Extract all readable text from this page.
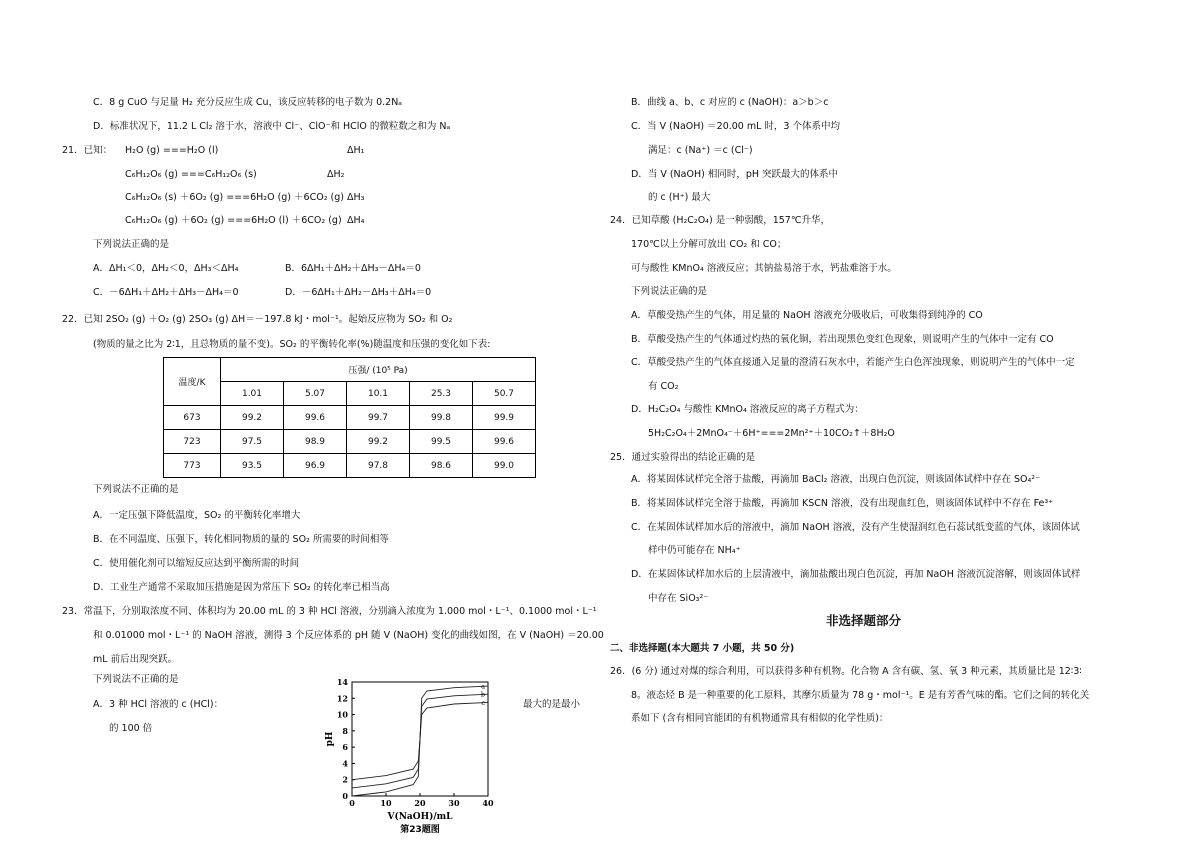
C．8 g CuO 与足量 H₂ 充分反应生成 Cu，该反应转移的电子数为 0.2Nₐ
D．标准状况下，11.2 L Cl₂ 溶于水，溶液中 Cl⁻、ClO⁻和 HClO 的微粒数之和为 Nₐ
21．已知： H₂O (g) ===H₂O (l)	ΔH₁
C₆H₁₂O₆ (g) ===C₆H₁₂O₆ (s)	ΔH₂
C₆H₁₂O₆ (s) ＋6O₂ (g) ===6H₂O (g) ＋6CO₂ (g) ΔH₃
C₆H₁₂O₆ (g) ＋6O₂ (g) ===6H₂O (l) ＋6CO₂ (g) ΔH₄
下列说法正确的是
A．ΔH₁＜0，ΔH₂＜0，ΔH₃＜ΔH₄	B．6ΔH₁＋ΔH₂＋ΔH₃－ΔH₄＝0
C．－6ΔH₁＋ΔH₂＋ΔH₃－ΔH₄＝0	D．－6ΔH₁＋ΔH₂－ΔH₃＋ΔH₄＝0
22．已知 2SO₂ (g) ＋O₂ (g) 2SO₃ (g) ΔH＝－197.8 kJ・mol⁻¹。起始反应物为 SO₂ 和 O₂
(物质的量之比为 2∶1，且总物质的量不变)。SO₂ 的平衡转化率(%)随温度和压强的变化如下表:
温度/K	压强/ (10⁵ Pa)				
	1.01	5.07	10.1	25.3	50.7
673	99.2	99.6	99.7	99.8	99.9
723	97.5	98.9	99.2	99.5	99.6
773	93.5	96.9	97.8	98.6	99.0
下列说法不正确的是
A．一定压强下降低温度，SO₂ 的平衡转化率增大
B．在不同温度、压强下，转化相同物质的量的 SO₂ 所需要的时间相等
C．使用催化剂可以缩短反应达到平衡所需的时间
D．工业生产通常不采取加压措施是因为常压下 SO₂ 的转化率已相当高
23．常温下，分别取浓度不同、体积均为 20.00 mL 的 3 种 HCl 溶液，分别滴入浓度为 1.000 mol・L⁻¹、0.1000 mol・L⁻¹
和 0.01000 mol・L⁻¹ 的 NaOH 溶液，测得 3 个反应体系的 pH 随 V (NaOH) 变化的曲线如图，在 V (NaOH) ＝20.00
mL 前后出现突跃。
下列说法不正确的是
A．3 种 HCl 溶液的 c (HCl)：	最大的是最小
的 100 倍
0	10	20	30	40
0
2
4
6
8
10
12
14
V(NaOH)/mL
pH
第23题图
a
b
c
B．曲线 a、b、c 对应的 c (NaOH)：a＞b＞c
C．当 V (NaOH) ＝20.00 mL 时，3 个体系中均
满足：c (Na⁺) ＝c (Cl⁻)
D．当 V (NaOH) 相同时，pH 突跃最大的体系中
的 c (H⁺) 最大
24．已知草酸 (H₂C₂O₄) 是一种弱酸，157℃升华，
170℃以上分解可放出 CO₂ 和 CO；
可与酸性 KMnO₄ 溶液反应；其钠盐易溶于水，钙盐难溶于水。
下列说法正确的是
A．草酸受热产生的气体，用足量的 NaOH 溶液充分吸收后，可收集得到纯净的 CO
B．草酸受热产生的气体通过灼热的氧化铜，若出现黑色变红色现象，则说明产生的气体中一定有 CO
C．草酸受热产生的气体直接通入足量的澄清石灰水中，若能产生白色浑浊现象，则说明产生的气体中一定
有 CO₂
D．H₂C₂O₄ 与酸性 KMnO₄ 溶液反应的离子方程式为：
5H₂C₂O₄＋2MnO₄⁻＋6H⁺===2Mn²⁺＋10CO₂↑＋8H₂O
25．通过实验得出的结论正确的是
A．将某固体试样完全溶于盐酸，再滴加 BaCl₂ 溶液，出现白色沉淀，则该固体试样中存在 SO₄²⁻
B．将某固体试样完全溶于盐酸，再滴加 KSCN 溶液，没有出现血红色，则该固体试样中不存在 Fe³⁺
C．在某固体试样加水后的溶液中，滴加 NaOH 溶液，没有产生使湿润红色石蕊试纸变蓝的气体，该固体试
样中仍可能存在 NH₄⁺
D．在某固体试样加水后的上层清液中，滴加盐酸出现白色沉淀，再加 NaOH 溶液沉淀溶解，则该固体试样
中存在 SiO₃²⁻
非选择题部分
二、非选择题(本大题共 7 小题，共 50 分)
26．(6 分) 通过对煤的综合利用，可以获得多种有机物。化合物 A 含有碳、氢、氧 3 种元素，其质量比是 12∶3∶
8。液态烃 B 是一种重要的化工原料，其摩尔质量为 78 g・mol⁻¹。E 是有芳香气味的酯。它们之间的转化关
系如下 (含有相同官能团的有机物通常具有相似的化学性质)：
